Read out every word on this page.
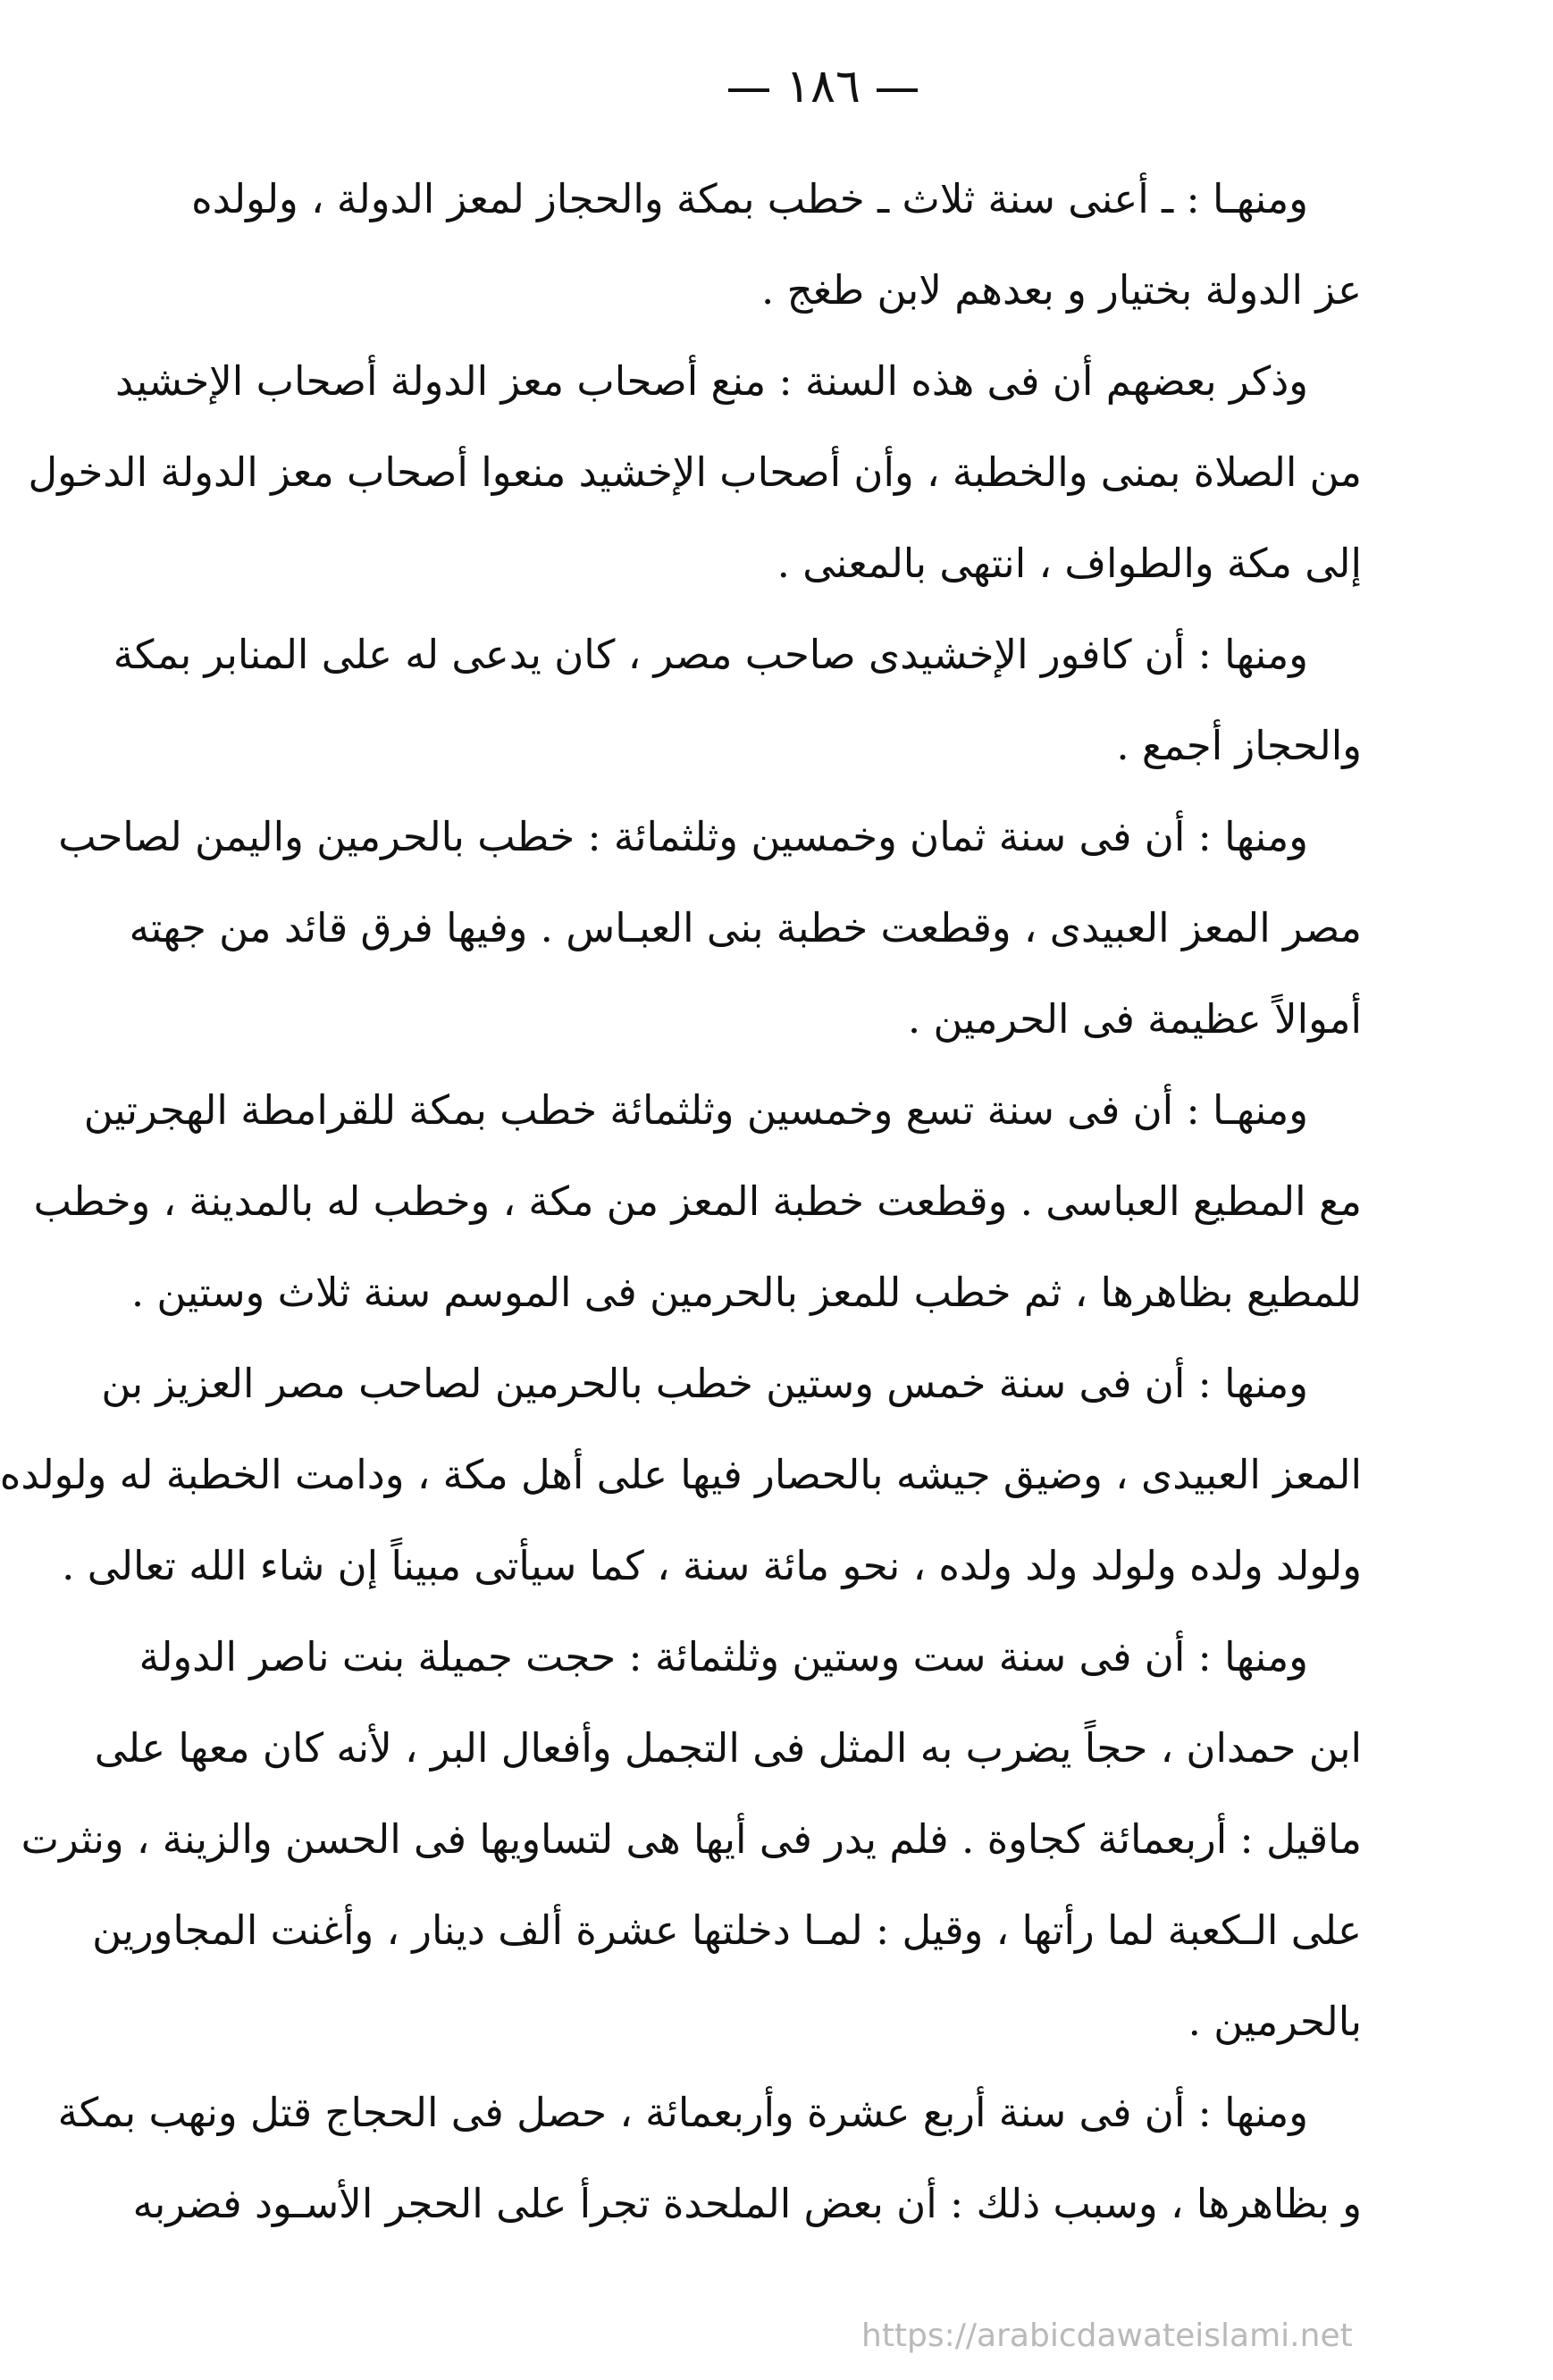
١٨٦
ومنهـا : ـ أعنى سنة ثلاث ـ خطب بمكة والحجاز لمعز الدولة ، ولولده
عز الدولة بختيار و بعدهم لابن طغج .
وذكر بعضهم أن فى هذه السنة : منع أصحاب معز الدولة أصحاب الإخشيد
من الصلاة بمنى والخطبة ، وأن أصحاب الإخشيد منعوا أصحاب معز الدولة الدخول
إلى مكة والطواف ، انتهى بالمعنى .
ومنها : أن كافور الإخشيدى صاحب مصر ، كان يدعى له على المنابر بمكة
والحجاز أجمع .
ومنها : أن فى سنة ثمان وخمسين وثلثمائة : خطب بالحرمين واليمن لصاحب
مصر المعز العبيدى ، وقطعت خطبة بنى العبـاس . وفيها فرق قائد من جهته
أموالاً عظيمة فى الحرمين .
ومنهـا : أن فى سنة تسع وخمسين وثلثمائة خطب بمكة للقرامطة الهجرتين
مع المطيع العباسى . وقطعت خطبة المعز من مكة ، وخطب له بالمدينة ، وخطب
للمطيع بظاهرها ، ثم خطب للمعز بالحرمين فى الموسم سنة ثلاث وستين .
ومنها : أن فى سنة خمس وستين خطب بالحرمين لصاحب مصر العزيز بن
المعز العبيدى ، وضيق جيشه بالحصار فيها على أهل مكة ، ودامت الخطبة له ولولده
ولولد ولده ولولد ولد ولده ، نحو مائة سنة ، كما سيأتى مبيناً إن شاء الله تعالى .
ومنها : أن فى سنة ست وستين وثلثمائة : حجت جميلة بنت ناصر الدولة
ابن حمدان ، حجاً يضرب به المثل فى التجمل وأفعال البر ، لأنه كان معها على
ماقيل : أربعمائة كجاوة . فلم يدر فى أيها هى لتساويها فى الحسن والزينة ، ونثرت
على الـكعبة لما رأتها ، وقيل : لمـا دخلتها عشرة ألف دينار ، وأغنت المجاورين
بالحرمين .
ومنها : أن فى سنة أربع عشرة وأربعمائة ، حصل فى الحجاج قتل ونهب بمكة
و بظاهرها ، وسبب ذلك : أن بعض الملحدة تجرأ على الحجر الأسـود فضربه
https://arabicdawateislami.net
